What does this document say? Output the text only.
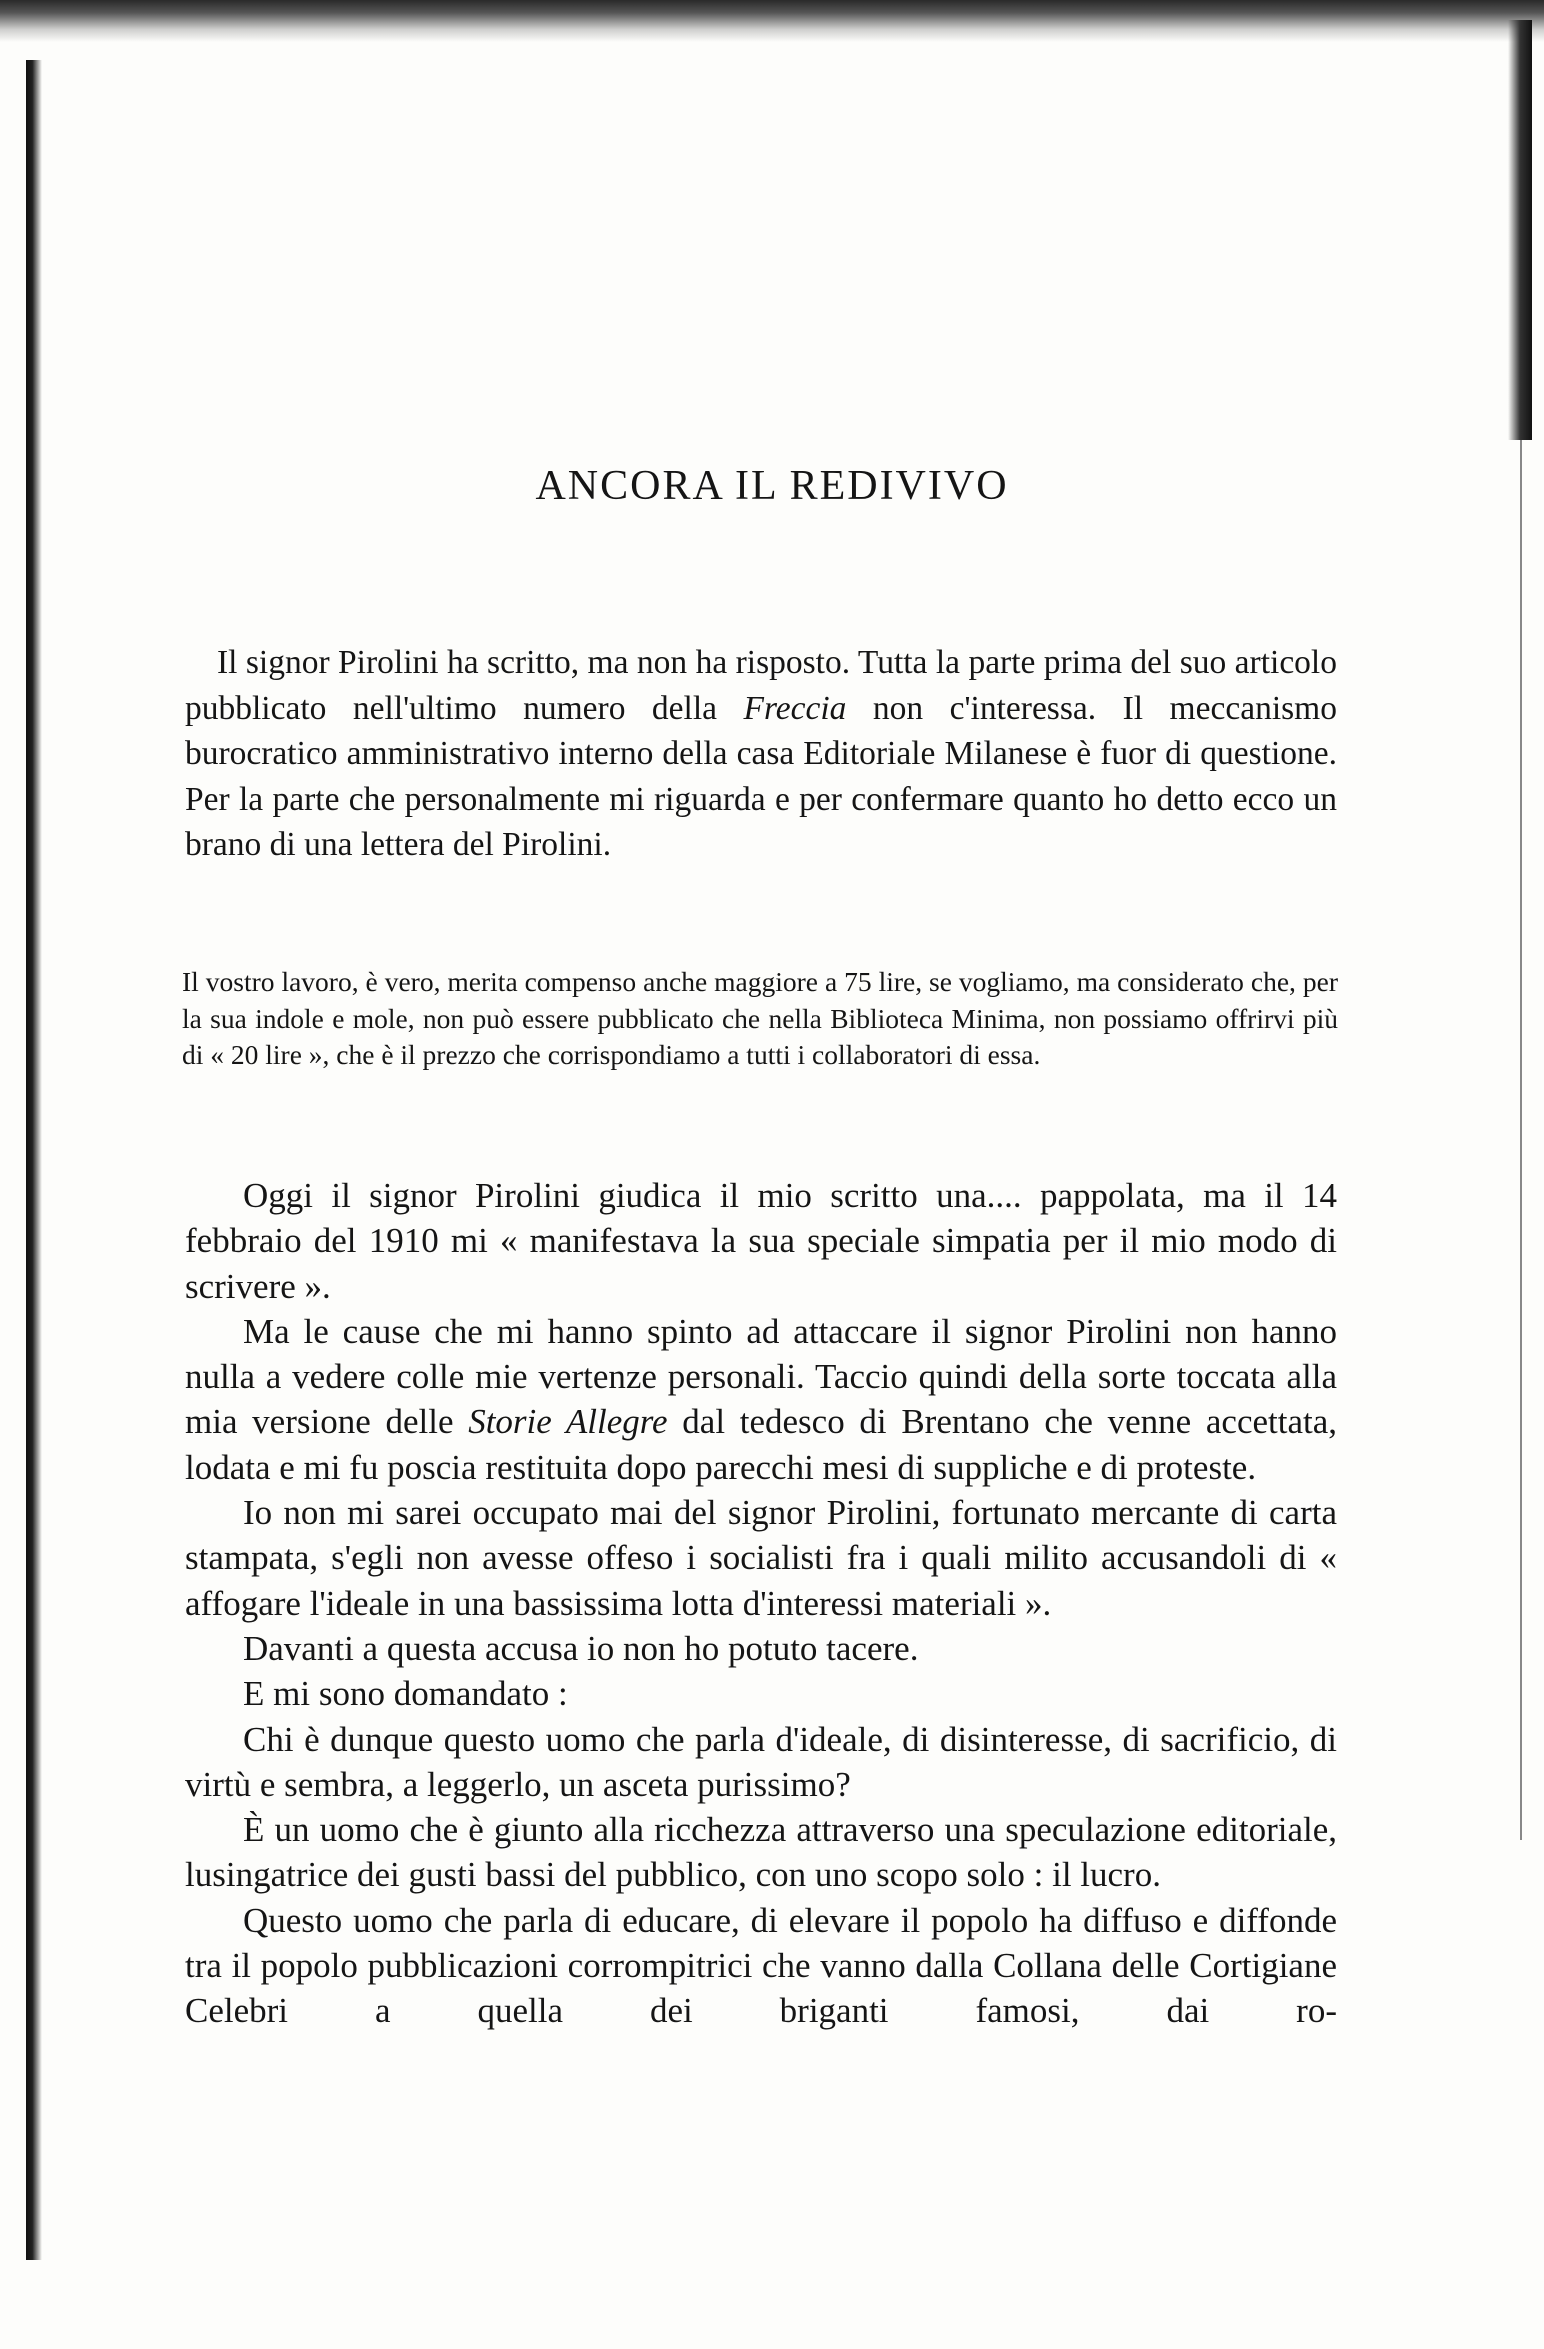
ANCORA IL REDIVIVO

Il signor Pirolini ha scritto, ma non ha risposto. Tutta la parte prima del suo articolo pubblicato nell'ultimo numero della Freccia non c'interessa. Il meccanismo burocratico amministrativo interno della casa Editoriale Milanese è fuor di questione. Per la parte che personalmente mi riguarda e per confermare quanto ho detto ecco un brano di una lettera del Pirolini.

Il vostro lavoro, è vero, merita compenso anche maggiore a 75 lire, se vogliamo, ma considerato che, per la sua indole e mole, non può essere pubblicato che nella Biblioteca Minima, non possiamo offrirvi più di « 20 lire », che è il prezzo che corrispondiamo a tutti i collaboratori di essa.

Oggi il signor Pirolini giudica il mio scritto una.... pappolata, ma il 14 febbraio del 1910 mi « manifestava la sua speciale simpatia per il mio modo di scrivere ».

Ma le cause che mi hanno spinto ad attaccare il signor Pirolini non hanno nulla a vedere colle mie vertenze personali. Taccio quindi della sorte toccata alla mia versione delle Storie Allegre dal tedesco di Brentano che venne accettata, lodata e mi fu poscia restituita dopo parecchi mesi di suppliche e di proteste.

Io non mi sarei occupato mai del signor Pirolini, fortunato mercante di carta stampata, s'egli non avesse offeso i socialisti fra i quali milito accusandoli di « affogare l'ideale in una bassissima lotta d'interessi materiali ».

Davanti a questa accusa io non ho potuto tacere.

E mi sono domandato :

Chi è dunque questo uomo che parla d'ideale, di disinteresse, di sacrificio, di virtù e sembra, a leggerlo, un asceta purissimo?

È un uomo che è giunto alla ricchezza attraverso una speculazione editoriale, lusingatrice dei gusti bassi del pubblico, con uno scopo solo : il lucro.

Questo uomo che parla di educare, di elevare il popolo ha diffuso e diffonde tra il popolo pubblicazioni corrompitrici che vanno dalla Collana delle Cortigiane Celebri a quella dei briganti famosi, dai ro-
